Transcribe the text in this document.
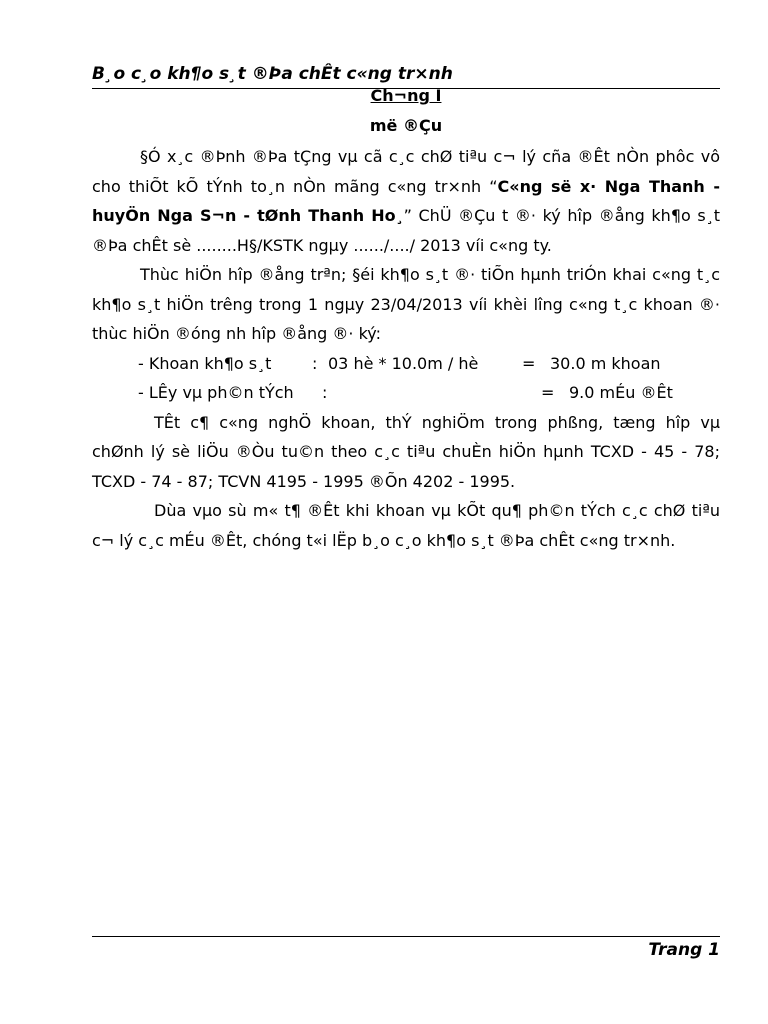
B¸o c¸o kh¶o s¸t ®Þa chÊt c«ng tr×nh
Ch¬ng I
më ®Çu

§Ó x¸c ®Þnh ®Þa tÇng vµ cã c¸c chØ tiªu c¬ lý cña ®Êt nÒn phôc vô cho thiÕt kÕ tÝnh to¸n nÒn mãng c«ng tr×nh “C«ng së x· Nga Thanh - huyÖn Nga S¬n - tØnh Thanh Ho¸” ChÜ ®Çu t ®· ký hîp ®ång kh¶o s¸t ®Þa chÊt sè ........H§/KSTK ngµy ....../..../ 2013 víi c«ng ty.

Thùc hiÖn hîp ®ång trªn; §éi kh¶o s¸t ®· tiÕn hµnh triÓn khai c«ng t¸c kh¶o s¸t hiÖn trêng trong 1 ngµy 23/04/2013 víi khèi lîng c«ng t¸c khoan ®· thùc hiÖn ®óng nh hîp ®ång ®· ký:

- Khoan kh¶o s¸t	: 03 hè * 10.0m / hè	= 30.0 m khoan
- LÊy vµ ph©n tÝch :	= 9.0 mÉu ®Êt

TÊt c¶ c«ng nghÖ khoan, thÝ nghiÖm trong phßng, tæng hîp vµ chØnh lý sè liÖu ®Òu tu©n theo c¸c tiªu chuÈn hiÖn hµnh TCXD - 45 - 78; TCXD - 74 - 87; TCVN 4195 - 1995 ®Õn 4202 - 1995.

Dùa vµo sù m« t¶ ®Êt khi khoan vµ kÕt qu¶ ph©n tÝch c¸c chØ tiªu c¬ lý c¸c mÉu ®Êt, chóng t«i lËp b¸o c¸o kh¶o s¸t ®Þa chÊt c«ng tr×nh.

Trang 1
